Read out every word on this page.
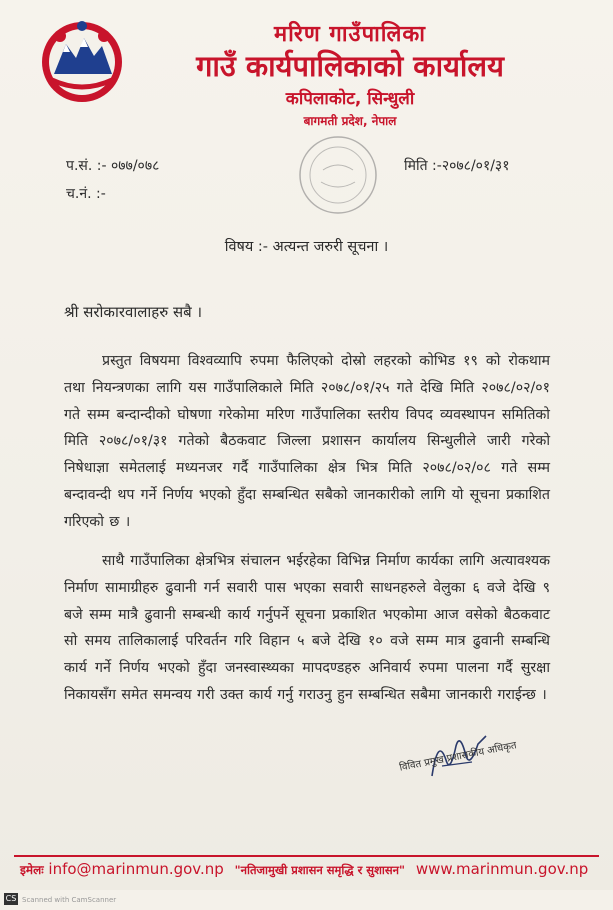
मरिण गाउँपालिका
गाउँ कार्यपालिकाको कार्यालय
कपिलाकोट, सिन्धुली
बागमती प्रदेश, नेपाल
प.सं. :- ०७७/०७८
च.नं. :-
मिति :-२०७८/०१/३१
विषय :- अत्यन्त जरुरी सूचना ।
श्री सरोकारवालाहरु सबै ।
प्रस्तुत विषयमा विश्वव्यापि रुपमा फैलिएको दोस्रो लहरको कोभिड १९ को रोकथाम तथा नियन्त्रणका लागि यस गाउँपालिकाले मिति २०७८/०१/२५ गते देखि मिति २०७८/०२/०१ गते सम्म बन्दान्दीको घोषणा गरेकोमा मरिण गाउँपालिका स्तरीय विपद व्यवस्थापन समितिको मिति २०७८/०१/३१ गतेको बैठकवाट जिल्ला प्रशासन कार्यालय सिन्धुलीले जारी गरेको निषेधाज्ञा समेतलाई मध्यनजर गर्दै गाउँपालिका क्षेत्र भित्र मिति २०७८/०२/०८ गते सम्म बन्दावन्दी थप गर्ने निर्णय भएको हुँदा सम्बन्धित सबैको जानकारीको लागि यो सूचना प्रकाशित गरिएको छ ।
साथै गाउँपालिका क्षेत्रभित्र संचालन भईरहेका विभिन्न निर्माण कार्यका लागि अत्यावश्यक निर्माण सामाग्रीहरु ढुवानी गर्न सवारी पास भएका सवारी साधनहरुले वेलुका ६ वजे देखि ९ बजे सम्म मात्रै ढुवानी सम्बन्धी कार्य गर्नुपर्ने सूचना प्रकाशित भएकोमा आज वसेको बैठकवाट सो समय तालिकालाई परिवर्तन गरि विहान ५ बजे देखि १० वजे सम्म मात्र ढुवानी सम्बन्धि कार्य गर्ने निर्णय भएको हुँदा जनस्वास्थ्यका मापदण्डहरु अनिवार्य रुपमा पालना गर्दै सुरक्षा निकायसँग समेत समन्वय गरी उक्त कार्य गर्नु गराउनु हुन सम्बन्धित सबैमा जानकारी गराईन्छ ।
विवित प्रमुख प्रशासकीय अधिकृत
इमेलः info@marinmun.gov.np "नतिजामुखी प्रशासन समृद्धि र सुशासन" www.marinmun.gov.np
CS Scanned with CamScanner
